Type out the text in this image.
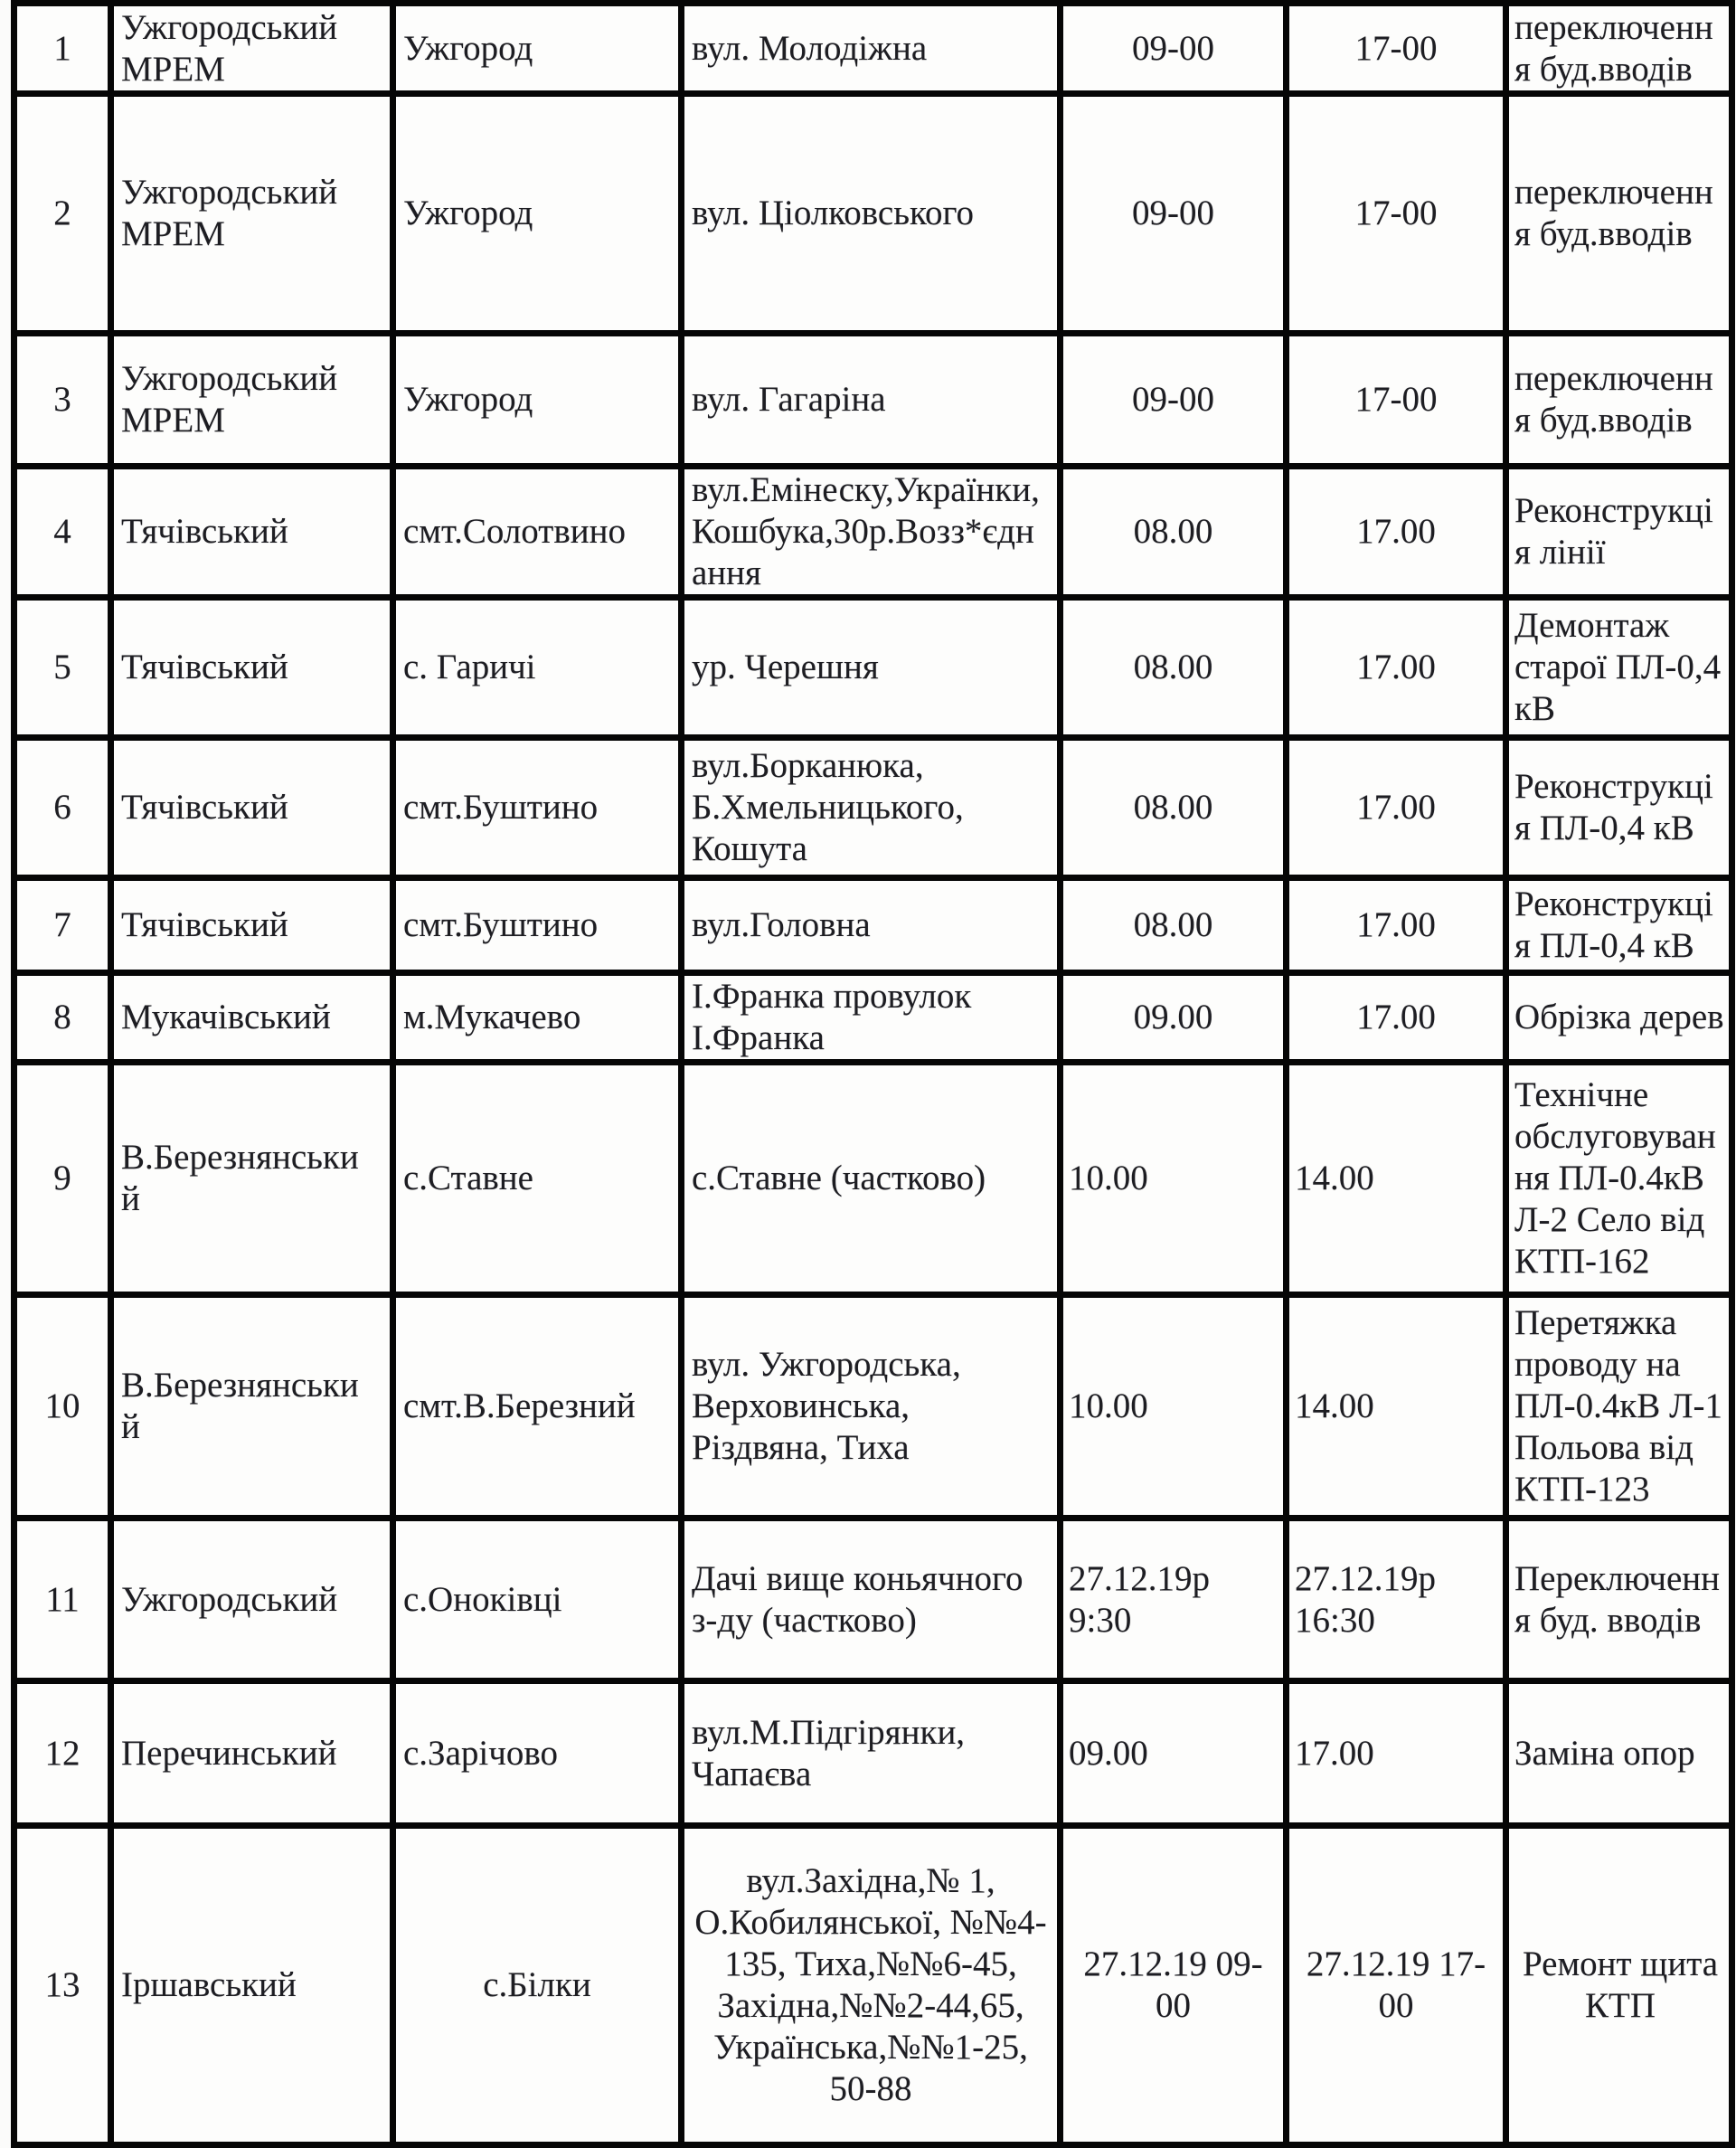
1	Ужгородський МРЕМ	Ужгород	вул. Молодіжна	09-00	17-00	переключення буд.вводів
2	Ужгородський МРЕМ	Ужгород	вул. Ціолковського	09-00	17-00	переключення буд.вводів
3	Ужгородський МРЕМ	Ужгород	вул. Гагаріна	09-00	17-00	переключення буд.вводів
4	Тячівський	смт.Солотвино	вул.Емінеску,Українки,Кошбука,30р.Возз*єднання	08.00	17.00	Реконструкція лінії
5	Тячівський	с. Гаричі	ур. Черешня	08.00	17.00	Демонтаж старої ПЛ-0,4 кВ
6	Тячівський	смт.Буштино	вул.Борканюка, Б.Хмельницького, Кошута	08.00	17.00	Реконструкція ПЛ-0,4 кВ
7	Тячівський	смт.Буштино	вул.Головна	08.00	17.00	Реконструкція ПЛ-0,4 кВ
8	Мукачівський	м.Мукачево	І.Франка провулок І.Франка	09.00	17.00	Обрізка дерев
9	В.Березнянський	с.Ставне	с.Ставне (частково)	10.00	14.00	Технічне обслуговування ПЛ-0.4кВ Л-2 Село від КТП-162
10	В.Березнянський	смт.В.Березний	вул. Ужгородська, Верховинська, Різдвяна, Тиха	10.00	14.00	Перетяжка проводу на ПЛ-0.4кВ Л-1 Польова від КТП-123
11	Ужгородський	с.Оноківці	Дачі вище коньячного з-ду (частково)	27.12.19р 9:30	27.12.19р 16:30	Переключення буд. вводів
12	Перечинський	с.Зарічово	вул.М.Підгірянки, Чапаєва	09.00	17.00	Заміна опор
13	Іршавський	с.Білки	вул.Західна,№ 1, О.Кобилянської, №№4-135, Тиха,№№6-45, Західна,№№2-44,65, Українська,№№1-25, 50-88	27.12.19 09-00	27.12.19 17-00	Ремонт щита КТП
